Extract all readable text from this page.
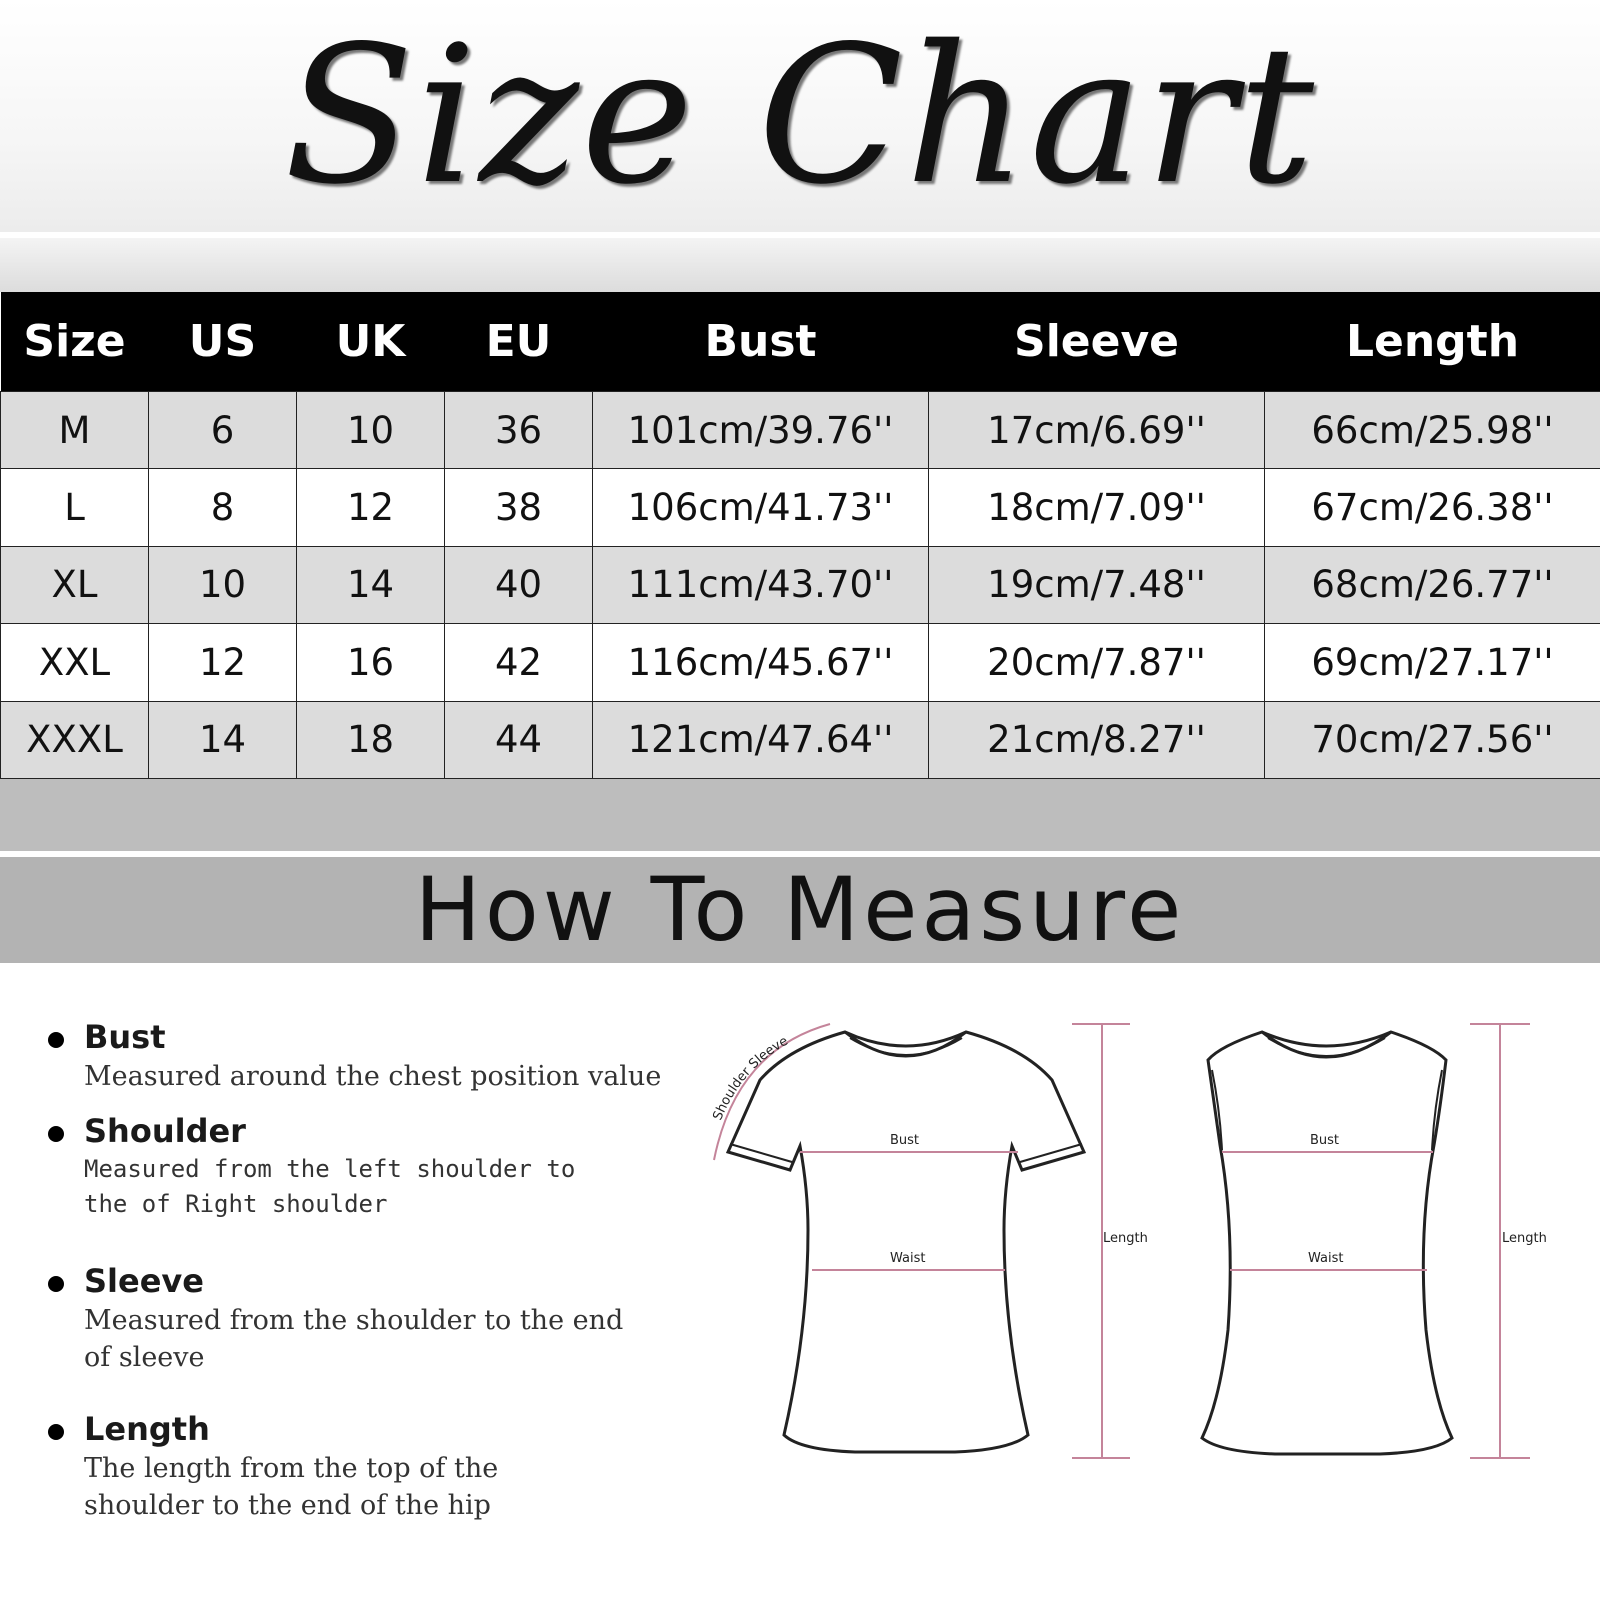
Size Chart
Size	US	UK	EU	Bust	Sleeve	Length
M	6	10	36	101cm/39.76''	17cm/6.69''	66cm/25.98''
L	8	12	38	106cm/41.73''	18cm/7.09''	67cm/26.38''
XL	10	14	40	111cm/43.70''	19cm/7.48''	68cm/26.77''
XXL	12	16	42	116cm/45.67''	20cm/7.87''	69cm/27.17''
XXXL	14	18	44	121cm/47.64''	21cm/8.27''	70cm/27.56''
How To Measure
Bust
Measured around the chest position value
Shoulder
Measured from the left shoulder to the of Right shoulder
Sleeve
Measured from the shoulder to the end of sleeve
Length
The length from the top of the shoulder to the end of the hip
Shoulder Sleeve
Bust
Waist
Length
Bust
Waist
Length
